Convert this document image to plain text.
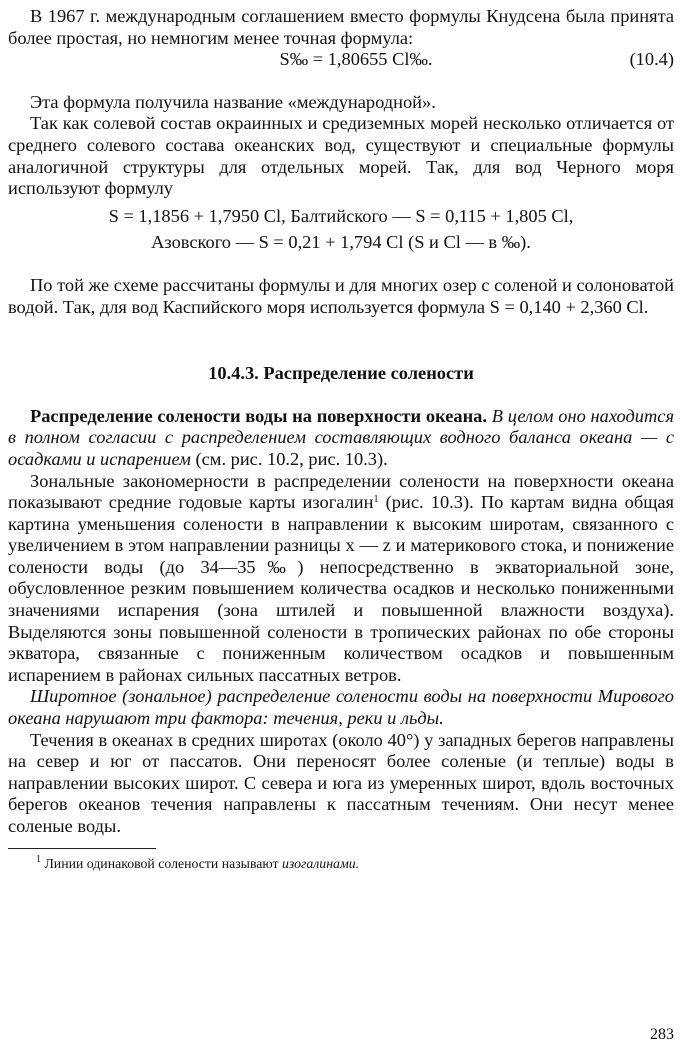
В 1967 г. международным соглашением вместо формулы Кнудсена была принята более простая, но немногим менее точная формула:

S‰ = 1,80655 Cl‰.	(10.4)

Эта формула получила название «международной».

Так как солевой состав окраинных и средиземных морей несколько отличается от среднего солевого состава океанских вод, существуют и специальные формулы аналогичной структуры для отдельных морей. Так, для вод Черного моря используют формулу

S = 1,1856 + 1,7950 Cl, Балтийского — S = 0,115 + 1,805 Cl,
Азовского — S = 0,21 + 1,794 Cl (S и Cl — в ‰).

По той же схеме рассчитаны формулы и для многих озер с соленой и солоноватой водой. Так, для вод Каспийского моря используется формула S = 0,140 + 2,360 Cl.

10.4.3. Распределение солености

Распределение солености воды на поверхности океана. В целом оно находится в полном согласии с распределением составляющих водного баланса океана — с осадками и испарением (см. рис. 10.2, рис. 10.3).

Зональные закономерности в распределении солености на поверхности океана показывают средние годовые карты изогалин$^1$ (рис. 10.3). По картам видна общая картина уменьшения солености в направлении к высоким широтам, связанного с увеличением в этом направлении разницы x — z и материкового стока, и понижение солености воды (до 34—35‰) непосредственно в экваториальной зоне, обусловленное резким повышением количества осадков и несколько пониженными значениями испарения (зона штилей и повышенной влажности воздуха). Выделяются зоны повышенной солености в тропических районах по обе стороны экватора, связанные с пониженным количеством осадков и повышенным испарением в районах сильных пассатных ветров.

Широтное (зональное) распределение солености воды на поверхности Мирового океана нарушают три фактора: течения, реки и льды.

Течения в океанах в средних широтах (около 40°) у западных берегов направлены на север и юг от пассатов. Они переносят более соленые (и теплые) воды в направлении высоких широт. С севера и юга из умеренных широт, вдоль восточных берегов океанов течения направлены к пассатным течениям. Они несут менее соленые воды.

$^1$ Линии одинаковой солености называют изогалинами.
283
